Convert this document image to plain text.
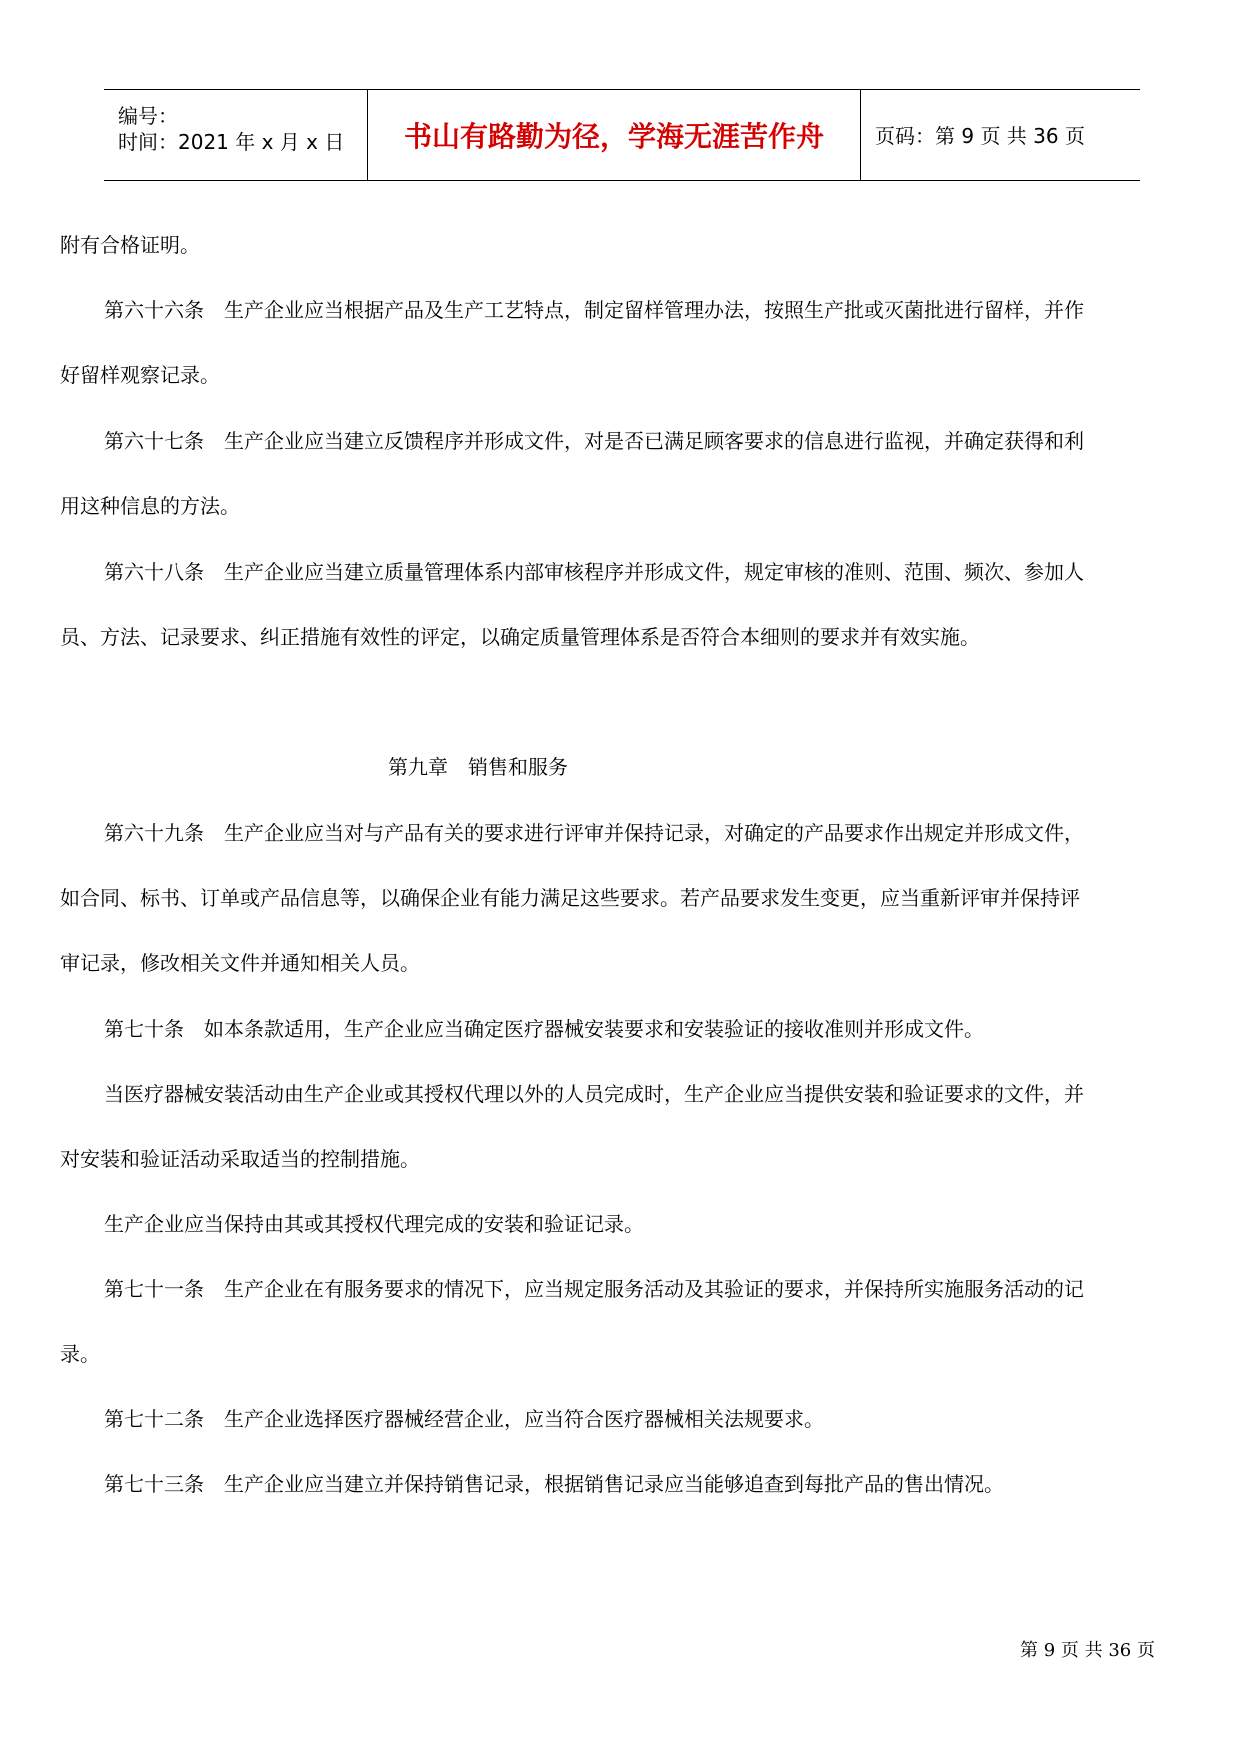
编号：
时间：2021 年 x 月 x 日	书山有路勤为径，学海无涯苦作舟	页码：第 9 页 共 36 页
附有合格证明。
第六十六条　生产企业应当根据产品及生产工艺特点，制定留样管理办法，按照生产批或灭菌批进行留样，并作
好留样观察记录。
第六十七条　生产企业应当建立反馈程序并形成文件，对是否已满足顾客要求的信息进行监视，并确定获得和利
用这种信息的方法。
第六十八条　生产企业应当建立质量管理体系内部审核程序并形成文件，规定审核的准则、范围、频次、参加人
员、方法、记录要求、纠正措施有效性的评定，以确定质量管理体系是否符合本细则的要求并有效实施。
第九章　销售和服务
第六十九条　生产企业应当对与产品有关的要求进行评审并保持记录，对确定的产品要求作出规定并形成文件，
如合同、标书、订单或产品信息等，以确保企业有能力满足这些要求。若产品要求发生变更，应当重新评审并保持评
审记录，修改相关文件并通知相关人员。
第七十条　如本条款适用，生产企业应当确定医疗器械安装要求和安装验证的接收准则并形成文件。
当医疗器械安装活动由生产企业或其授权代理以外的人员完成时，生产企业应当提供安装和验证要求的文件，并
对安装和验证活动采取适当的控制措施。
生产企业应当保持由其或其授权代理完成的安装和验证记录。
第七十一条　生产企业在有服务要求的情况下，应当规定服务活动及其验证的要求，并保持所实施服务活动的记
录。
第七十二条　生产企业选择医疗器械经营企业，应当符合医疗器械相关法规要求。
第七十三条　生产企业应当建立并保持销售记录，根据销售记录应当能够追查到每批产品的售出情况。
第 9 页 共 36 页
